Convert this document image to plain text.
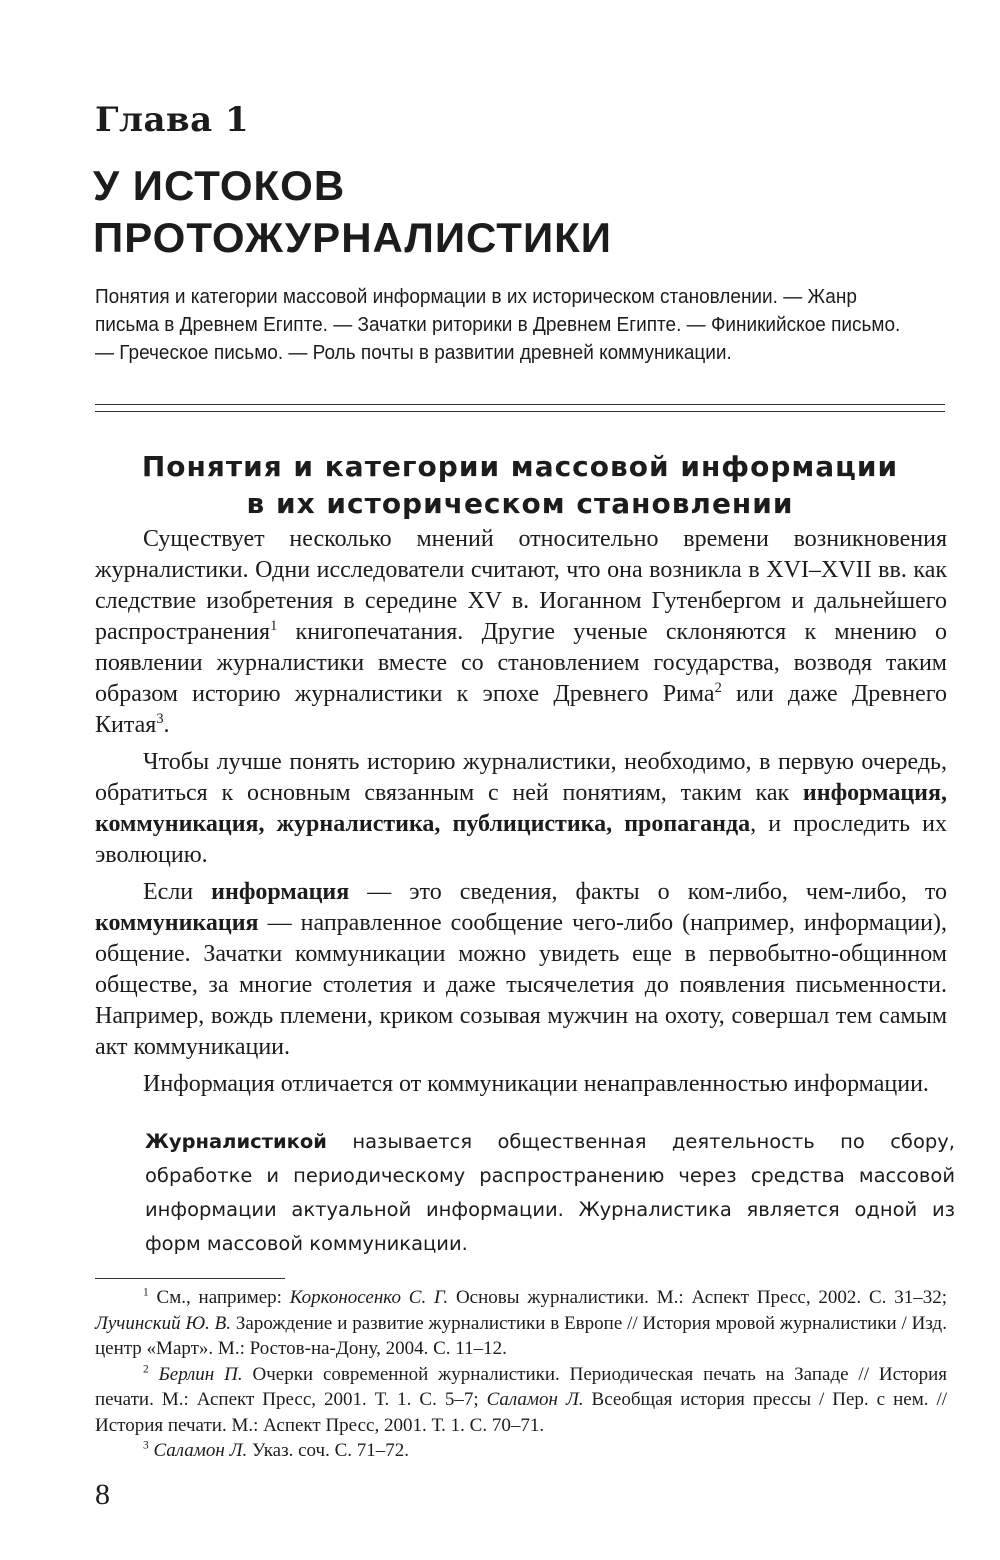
Глава 1
У ИСТОКОВ
ПРОТОЖУРНАЛИСТИКИ

Понятия и категории массовой информации в их историческом становлении. — Жанр письма в Древнем Египте. — Зачатки риторики в Древнем Египте. — Финикийское письмо. — Греческое письмо. — Роль почты в развитии древней коммуникации.

Понятия и категории массовой информации
в их историческом становлении

Существует несколько мнений относительно времени возникновения журналистики. Одни исследователи считают, что она возникла в XVI–XVII вв. как следствие изобретения в середине XV в. Иоганном Гутенбергом и дальнейшего распространения$^1$ книгопечатания. Другие ученые склоняются к мнению о появлении журналистики вместе со становлением государства, возводя таким образом историю журналистики к эпохе Древнего Рима$^2$ или даже Древнего Китая$^3$.

Чтобы лучше понять историю журналистики, необходимо, в первую очередь, обратиться к основным связанным с ней понятиям, таким как информация, коммуникация, журналистика, публицистика, пропаганда, и проследить их эволюцию.

Если информация — это сведения, факты о ком-либо, чем-либо, то коммуникация — направленное сообщение чего-либо (например, информации), общение. Зачатки коммуникации можно увидеть еще в первобытно-общинном обществе, за многие столетия и даже тысячелетия до появления письменности. Например, вождь племени, криком созывая мужчин на охоту, совершал тем самым акт коммуникации.

Информация отличается от коммуникации ненаправленностью информации.

Журналистикой называется общественная деятельность по сбору, обработке и периодическому распространению через средства массовой информации актуальной информации. Журналистика является одной из форм массовой коммуникации.

$^1$ См., например: Корконосенко С. Г. Основы журналистики. М.: Аспект Пресс, 2002. С. 31–32; Лучинский Ю. В. Зарождение и развитие журналистики в Европе // История мровой журналистики / Изд. центр «Март». М.: Ростов-на-Дону, 2004. С. 11–12.

$^2$ Берлин П. Очерки современной журналистики. Периодическая печать на Западе // История печати. М.: Аспект Пресс, 2001. Т. 1. С. 5–7; Саламон Л. Всеобщая история прессы / Пер. с нем. // История печати. М.: Аспект Пресс, 2001. Т. 1. С. 70–71.

$^3$ Саламон Л. Указ. соч. С. 71–72.

8
